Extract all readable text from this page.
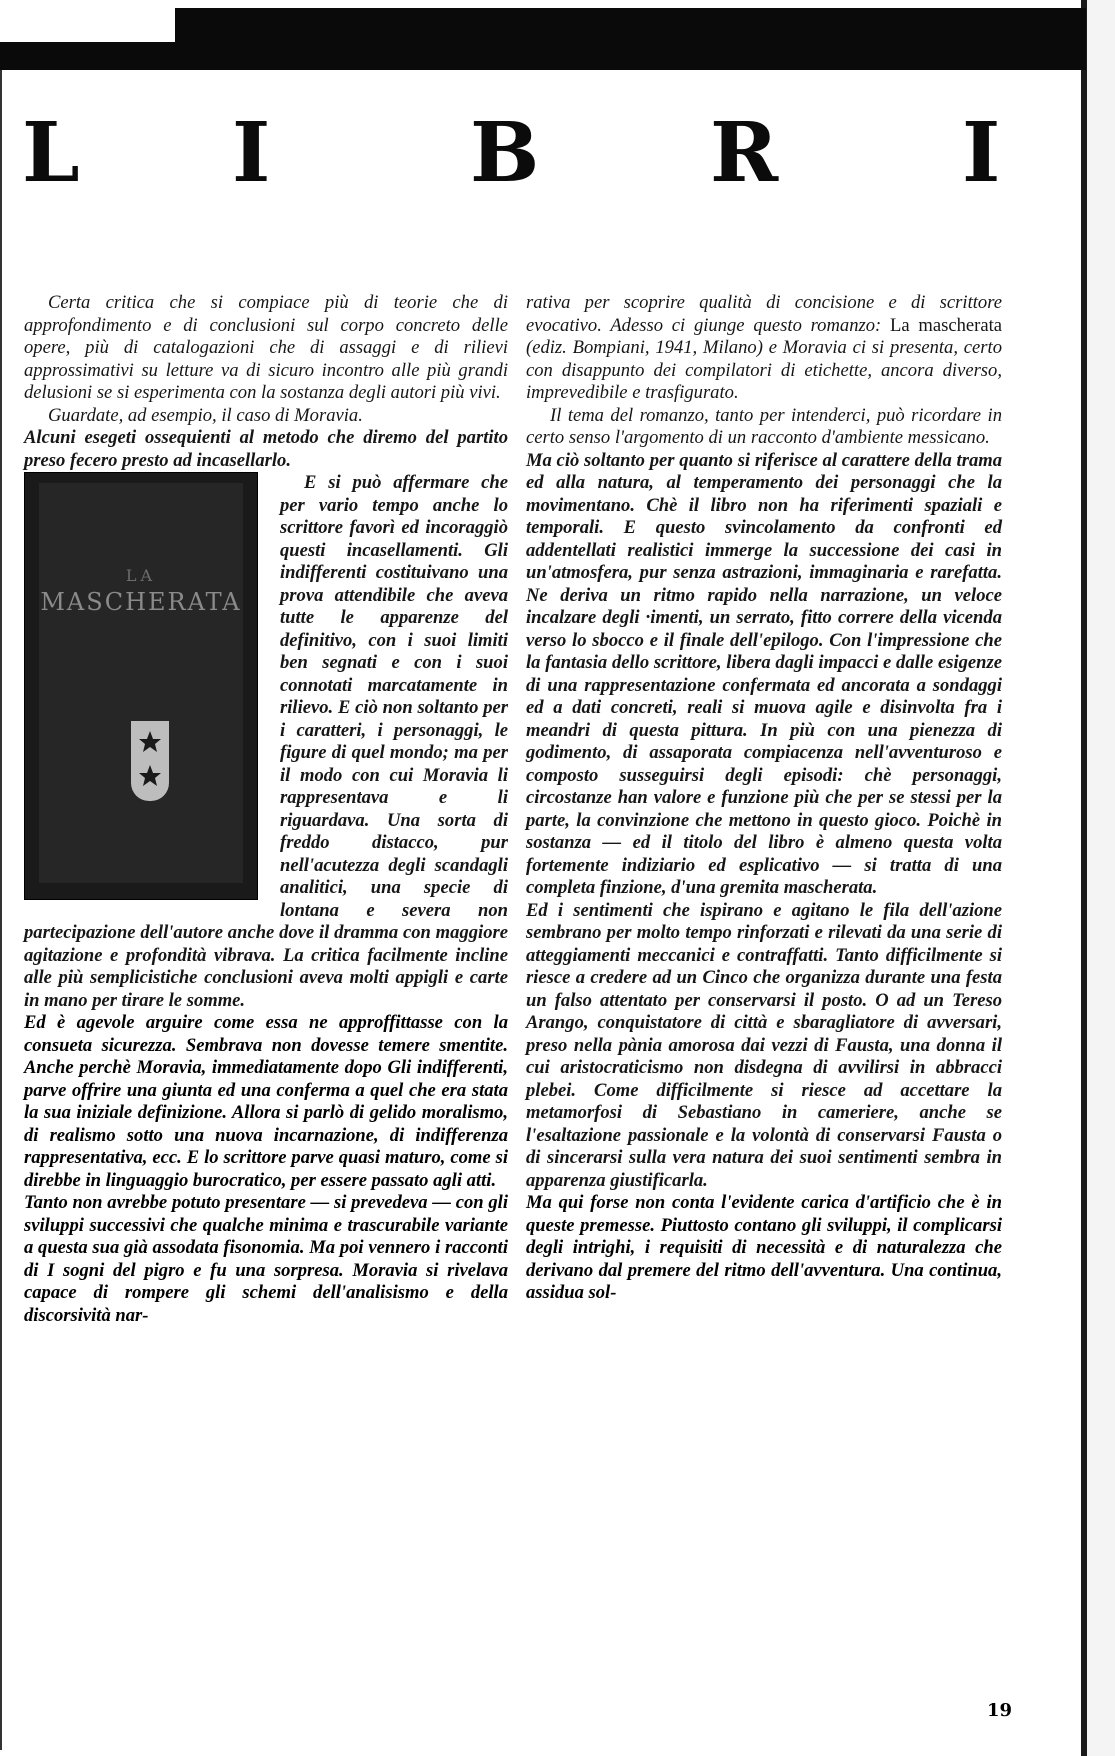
L I B R I

Certa critica che si compiace più di teorie che di approfondimento e di conclusioni sul corpo concreto delle opere, più di catalogazioni che di assaggi e di rilievi approssimativi su letture va di sicuro incontro alle più grandi delusioni se si esperimenta con la sostanza degli autori più vivi.

Guardate, ad esempio, il caso di Moravia.

Alcuni esegeti ossequienti al metodo che diremo del partito preso fecero presto ad incasellarlo.

LA
MASCHERATA

E si può affermare che per vario tempo anche lo scrittore favorì ed incoraggiò questi incasellamenti. Gli indifferenti costituivano una prova attendibile che aveva tutte le apparenze del definitivo, con i suoi limiti ben segnati e con i suoi connotati marcatamente in rilievo. E ciò non soltanto per i caratteri, i personaggi, le figure di quel mondo; ma per il modo con cui Moravia li rappresentava e li riguardava. Una sorta di freddo distacco, pur nell'acutezza degli scandagli analitici, una specie di lontana e severa non partecipazione dell'autore anche dove il dramma con maggiore agitazione e profondità vibrava. La critica facilmente incline alle più semplicistiche conclusioni aveva molti appigli e carte in mano per tirare le somme.

Ed è agevole arguire come essa ne approffittasse con la consueta sicurezza. Sembrava non dovesse temere smentite. Anche perchè Moravia, immediatamente dopo Gli indifferenti, parve offrire una giunta ed una conferma a quel che era stata la sua iniziale definizione. Allora si parlò di gelido moralismo, di realismo sotto una nuova incarnazione, di indifferenza rappresentativa, ecc. E lo scrittore parve quasi maturo, come si direbbe in linguaggio burocratico, per essere passato agli atti.

Tanto non avrebbe potuto presentare — si prevedeva — con gli sviluppi successivi che qualche minima e trascurabile variante a questa sua già assodata fisonomia. Ma poi vennero i racconti di I sogni del pigro e fu una sorpresa. Moravia si rivelava capace di rompere gli schemi dell'analisismo e della discorsività nar-

rativa per scoprire qualità di concisione e di scrittore evocativo. Adesso ci giunge questo romanzo: La mascherata (ediz. Bompiani, 1941, Milano) e Moravia ci si presenta, certo con disappunto dei compilatori di etichette, ancora diverso, imprevedibile e trasfigurato.

Il tema del romanzo, tanto per intenderci, può ricordare in certo senso l'argomento di un racconto d'ambiente messicano.

Ma ciò soltanto per quanto si riferisce al carattere della trama ed alla natura, al temperamento dei personaggi che la movimentano. Chè il libro non ha riferimenti spaziali e temporali. E questo svincolamento da confronti ed addentellati realistici immerge la successione dei casi in un'atmosfera, pur senza astrazioni, immaginaria e rarefatta. Ne deriva un ritmo rapido nella narrazione, un veloce incalzare degli ·imenti, un serrato, fitto correre della vicenda verso lo sbocco e il finale dell'epilogo. Con l'impressione che la fantasia dello scrittore, libera dagli impacci e dalle esigenze di una rappresentazione confermata ed ancorata a sondaggi ed a dati concreti, reali si muova agile e disinvolta fra i meandri di questa pittura. In più con una pienezza di godimento, di assaporata compiacenza nell'avventuroso e composto susseguirsi degli episodi: chè personaggi, circostanze han valore e funzione più che per se stessi per la parte, la convinzione che mettono in questo gioco. Poichè in sostanza — ed il titolo del libro è almeno questa volta fortemente indiziario ed esplicativo — si tratta di una completa finzione, d'una gremita mascherata.

Ed i sentimenti che ispirano e agitano le fila dell'azione sembrano per molto tempo rinforzati e rilevati da una serie di atteggiamenti meccanici e contraffatti. Tanto difficilmente si riesce a credere ad un Cinco che organizza durante una festa un falso attentato per conservarsi il posto. O ad un Tereso Arango, conquistatore di città e sbaragliatore di avversari, preso nella pània amorosa dai vezzi di Fausta, una donna il cui aristocraticismo non disdegna di avvilirsi in abbracci plebei. Come difficilmente si riesce ad accettare la metamorfosi di Sebastiano in cameriere, anche se l'esaltazione passionale e la volontà di conservarsi Fausta o di sincerarsi sulla vera natura dei suoi sentimenti sembra in apparenza giustificarla.

Ma qui forse non conta l'evidente carica d'artificio che è in queste premesse. Piuttosto contano gli sviluppi, il complicarsi degli intrighi, i requisiti di necessità e di naturalezza che derivano dal premere del ritmo dell'avventura. Una continua, assidua sol-

19
